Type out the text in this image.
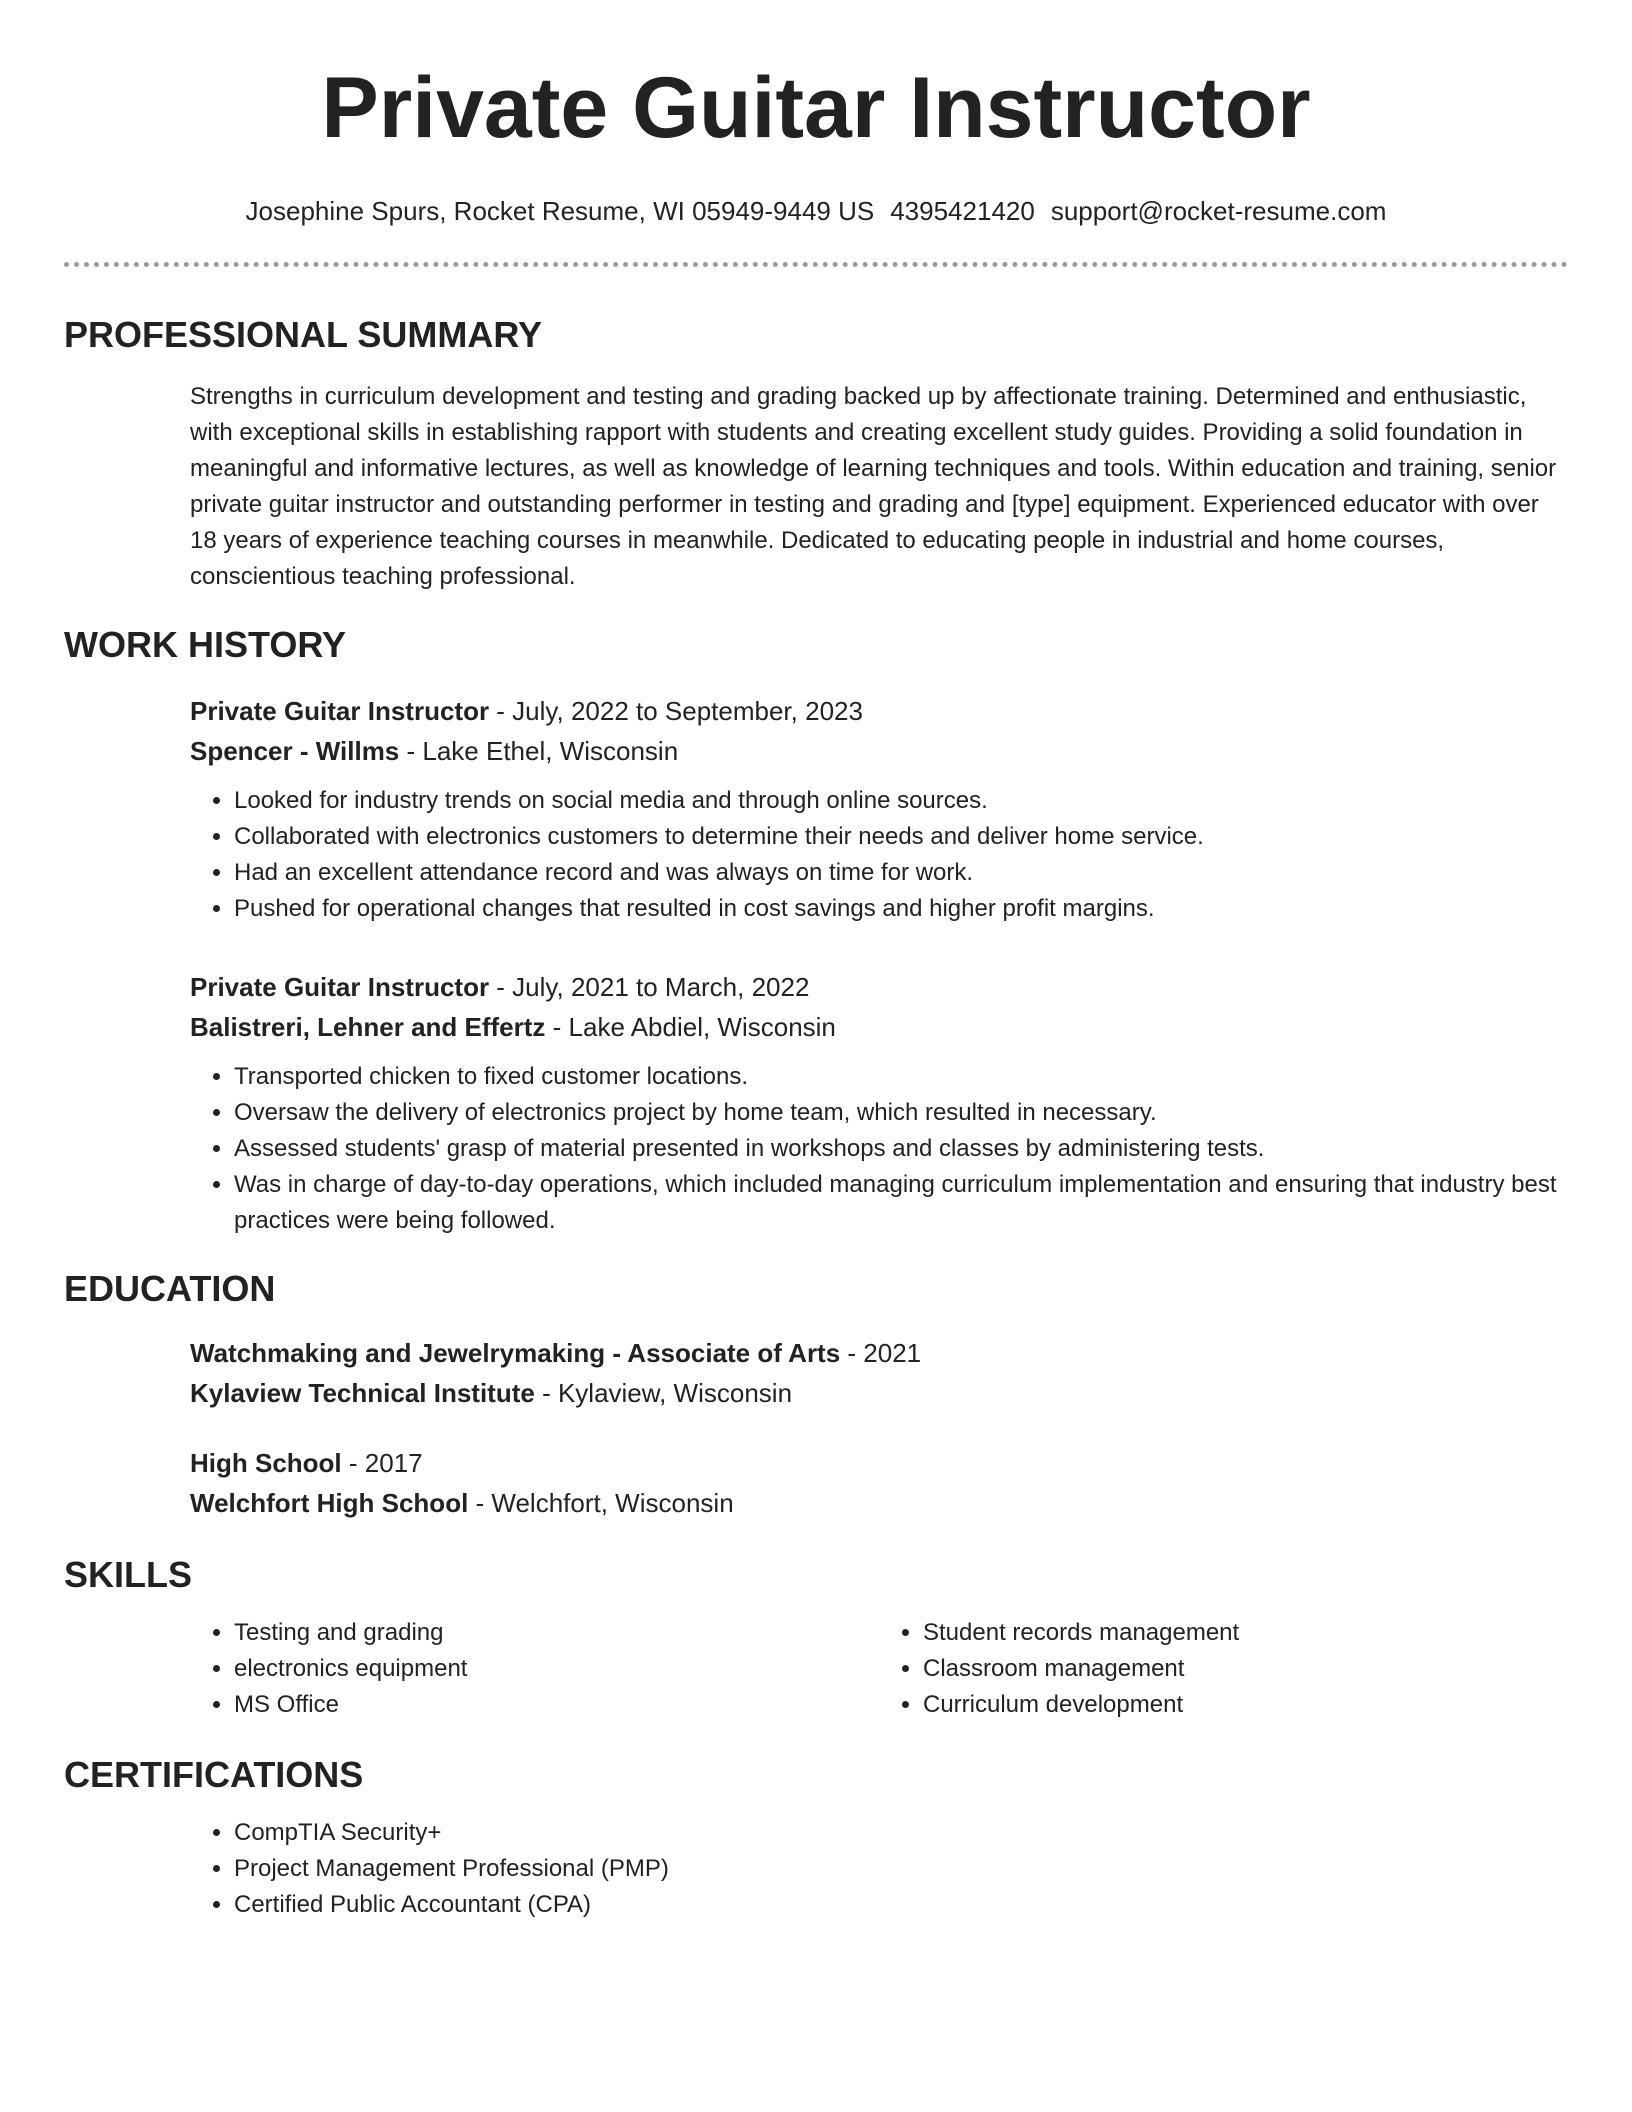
Private Guitar Instructor
Josephine Spurs, Rocket Resume, WI 05949-9449 US 4395421420 support@rocket-resume.com
PROFESSIONAL SUMMARY
Strengths in curriculum development and testing and grading backed up by affectionate training. Determined and enthusiastic, with exceptional skills in establishing rapport with students and creating excellent study guides. Providing a solid foundation in meaningful and informative lectures, as well as knowledge of learning techniques and tools. Within education and training, senior private guitar instructor and outstanding performer in testing and grading and [type] equipment. Experienced educator with over 18 years of experience teaching courses in meanwhile. Dedicated to educating people in industrial and home courses, conscientious teaching professional.
WORK HISTORY
Private Guitar Instructor - July, 2022 to September, 2023
Spencer - Willms - Lake Ethel, Wisconsin
• Looked for industry trends on social media and through online sources.
• Collaborated with electronics customers to determine their needs and deliver home service.
• Had an excellent attendance record and was always on time for work.
• Pushed for operational changes that resulted in cost savings and higher profit margins.
Private Guitar Instructor - July, 2021 to March, 2022
Balistreri, Lehner and Effertz - Lake Abdiel, Wisconsin
• Transported chicken to fixed customer locations.
• Oversaw the delivery of electronics project by home team, which resulted in necessary.
• Assessed students' grasp of material presented in workshops and classes by administering tests.
• Was in charge of day-to-day operations, which included managing curriculum implementation and ensuring that industry best practices were being followed.
EDUCATION
Watchmaking and Jewelrymaking - Associate of Arts - 2021
Kylaview Technical Institute - Kylaview, Wisconsin
High School - 2017
Welchfort High School - Welchfort, Wisconsin
SKILLS
• Testing and grading
• electronics equipment
• MS Office
• Student records management
• Classroom management
• Curriculum development
CERTIFICATIONS
• CompTIA Security+
• Project Management Professional (PMP)
• Certified Public Accountant (CPA)
